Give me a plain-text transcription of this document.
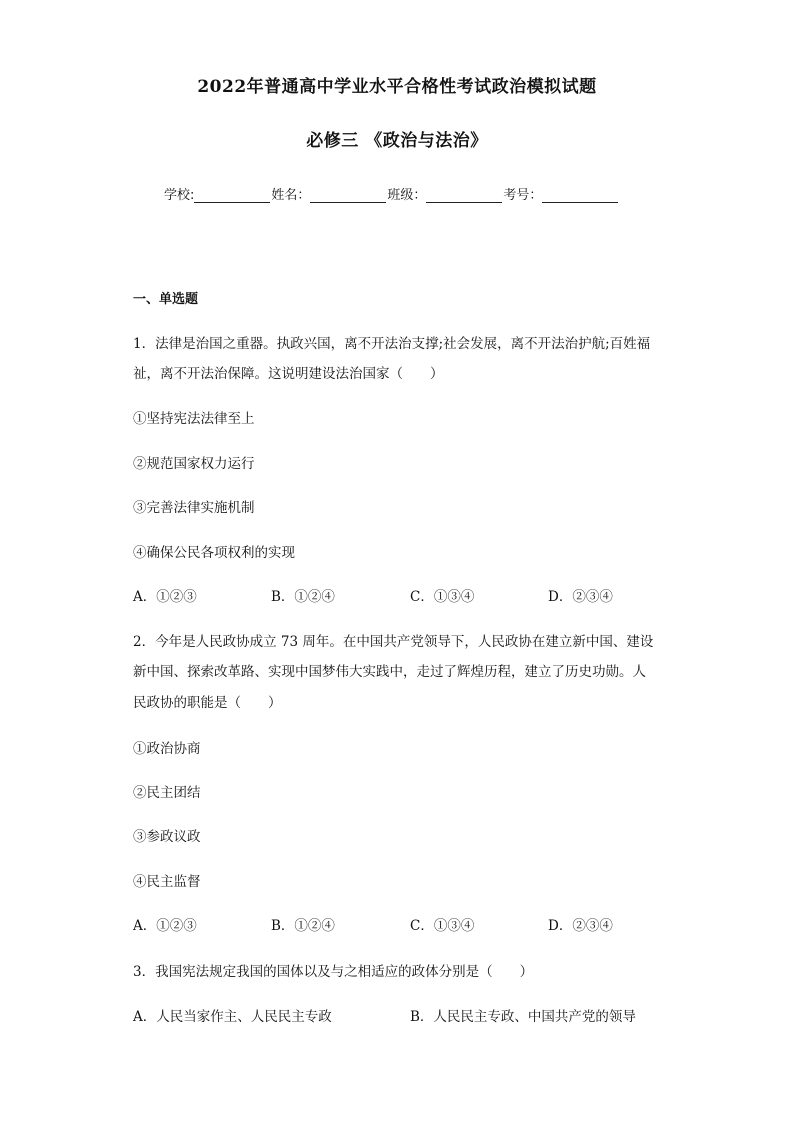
2022年普通高中学业水平合格性考试政治模拟试题
必修三 《政治与法治》
学校:	姓名：	班级：	考号：
一、单选题
1．法律是治国之重器。执政兴国，离不开法治支撑;社会发展，离不开法治护航;百姓福
祉，离不开法治保障。这说明建设法治国家（　　）
①坚持宪法法律至上
②规范国家权力运行
③完善法律实施机制
④确保公民各项权利的实现
A．①②③	B．①②④	C．①③④	D．②③④
2．今年是人民政协成立 73 周年。在中国共产党领导下，人民政协在建立新中国、建设
新中国、探索改革路、实现中国梦伟大实践中，走过了辉煌历程，建立了历史功勋。人
民政协的职能是（　　）
①政治协商
②民主团结
③参政议政
④民主监督
A．①②③	B．①②④	C．①③④	D．②③④
3．我国宪法规定我国的国体以及与之相适应的政体分别是（　　）
A．人民当家作主、人民民主专政	B．人民民主专政、中国共产党的领导
